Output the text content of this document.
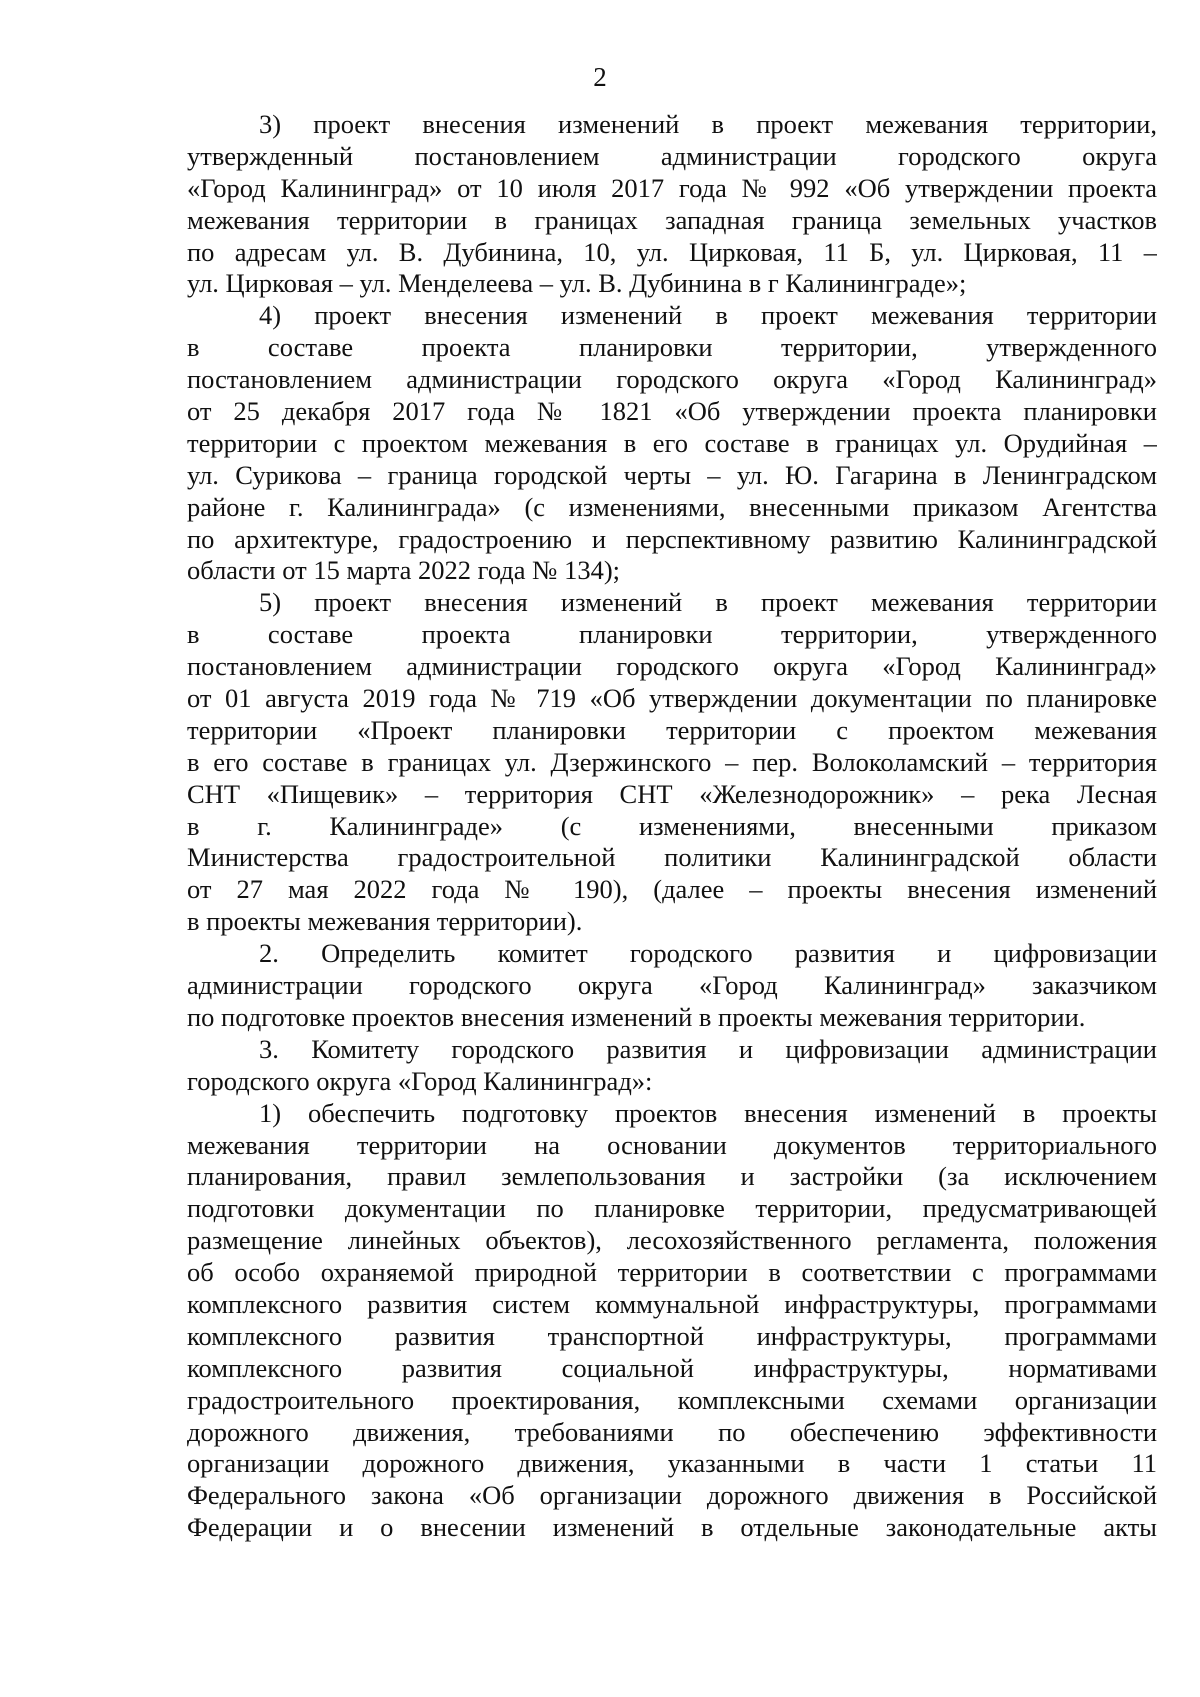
2
3) проект внесения изменений в проект межевания территории,
утвержденный постановлением администрации городского округа
«Город Калининград» от 10 июля 2017 года № 992 «Об утверждении проекта
межевания территории в границах западная граница земельных участков
по адресам ул. В. Дубинина, 10, ул. Цирковая, 11 Б, ул. Цирковая, 11 –
ул. Цирковая – ул. Менделеева – ул. В. Дубинина в г Калининграде»;
4) проект внесения изменений в проект межевания территории
в составе проекта планировки территории, утвержденного
постановлением администрации городского округа «Город Калининград»
от 25 декабря 2017 года № 1821 «Об утверждении проекта планировки
территории с проектом межевания в его составе в границах ул. Орудийная –
ул. Сурикова – граница городской черты – ул. Ю. Гагарина в Ленинградском
районе г. Калининграда» (с изменениями, внесенными приказом Агентства
по архитектуре, градостроению и перспективному развитию Калининградской
области от 15 марта 2022 года № 134);
5) проект внесения изменений в проект межевания территории
в составе проекта планировки территории, утвержденного
постановлением администрации городского округа «Город Калининград»
от 01 августа 2019 года № 719 «Об утверждении документации по планировке
территории «Проект планировки территории с проектом межевания
в его составе в границах ул. Дзержинского – пер. Волоколамский – территория
СНТ «Пищевик» – территория СНТ «Железнодорожник» – река Лесная
в г. Калининграде» (с изменениями, внесенными приказом
Министерства градостроительной политики Калининградской области
от 27 мая 2022 года № 190), (далее – проекты внесения изменений
в проекты межевания территории).
2. Определить комитет городского развития и цифровизации
администрации городского округа «Город Калининград» заказчиком
по подготовке проектов внесения изменений в проекты межевания территории.
3. Комитету городского развития и цифровизации администрации
городского округа «Город Калининград»:
1) обеспечить подготовку проектов внесения изменений в проекты
межевания территории на основании документов территориального
планирования, правил землепользования и застройки (за исключением
подготовки документации по планировке территории, предусматривающей
размещение линейных объектов), лесохозяйственного регламента, положения
об особо охраняемой природной территории в соответствии с программами
комплексного развития систем коммунальной инфраструктуры, программами
комплексного развития транспортной инфраструктуры, программами
комплексного развития социальной инфраструктуры, нормативами
градостроительного проектирования, комплексными схемами организации
дорожного движения, требованиями по обеспечению эффективности
организации дорожного движения, указанными в части 1 статьи 11
Федерального закона «Об организации дорожного движения в Российской
Федерации и о внесении изменений в отдельные законодательные акты
